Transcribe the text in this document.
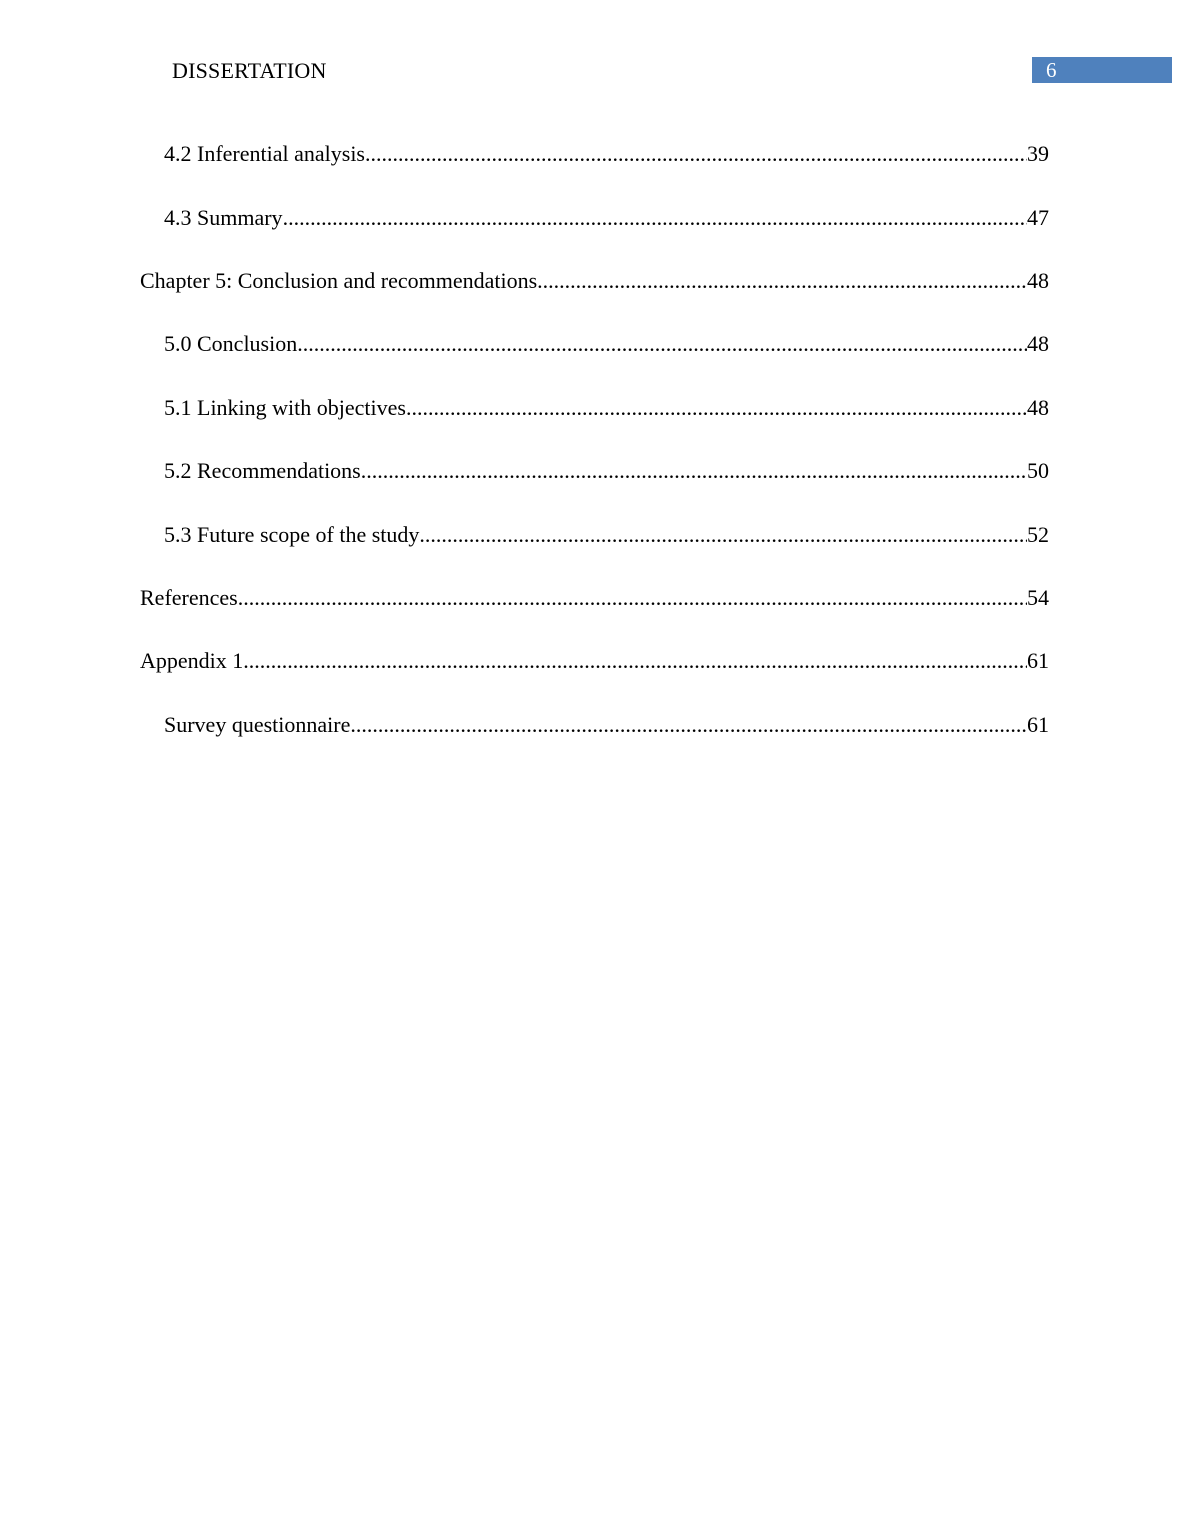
DISSERTATION	6
4.2 Inferential analysis .....	39
4.3 Summary .....	47
Chapter 5: Conclusion and recommendations .....	48
5.0 Conclusion .....	48
5.1 Linking with objectives .....	48
5.2 Recommendations .....	50
5.3 Future scope of the study .....	52
References .....	54
Appendix 1 .....	61
Survey questionnaire .....	61
